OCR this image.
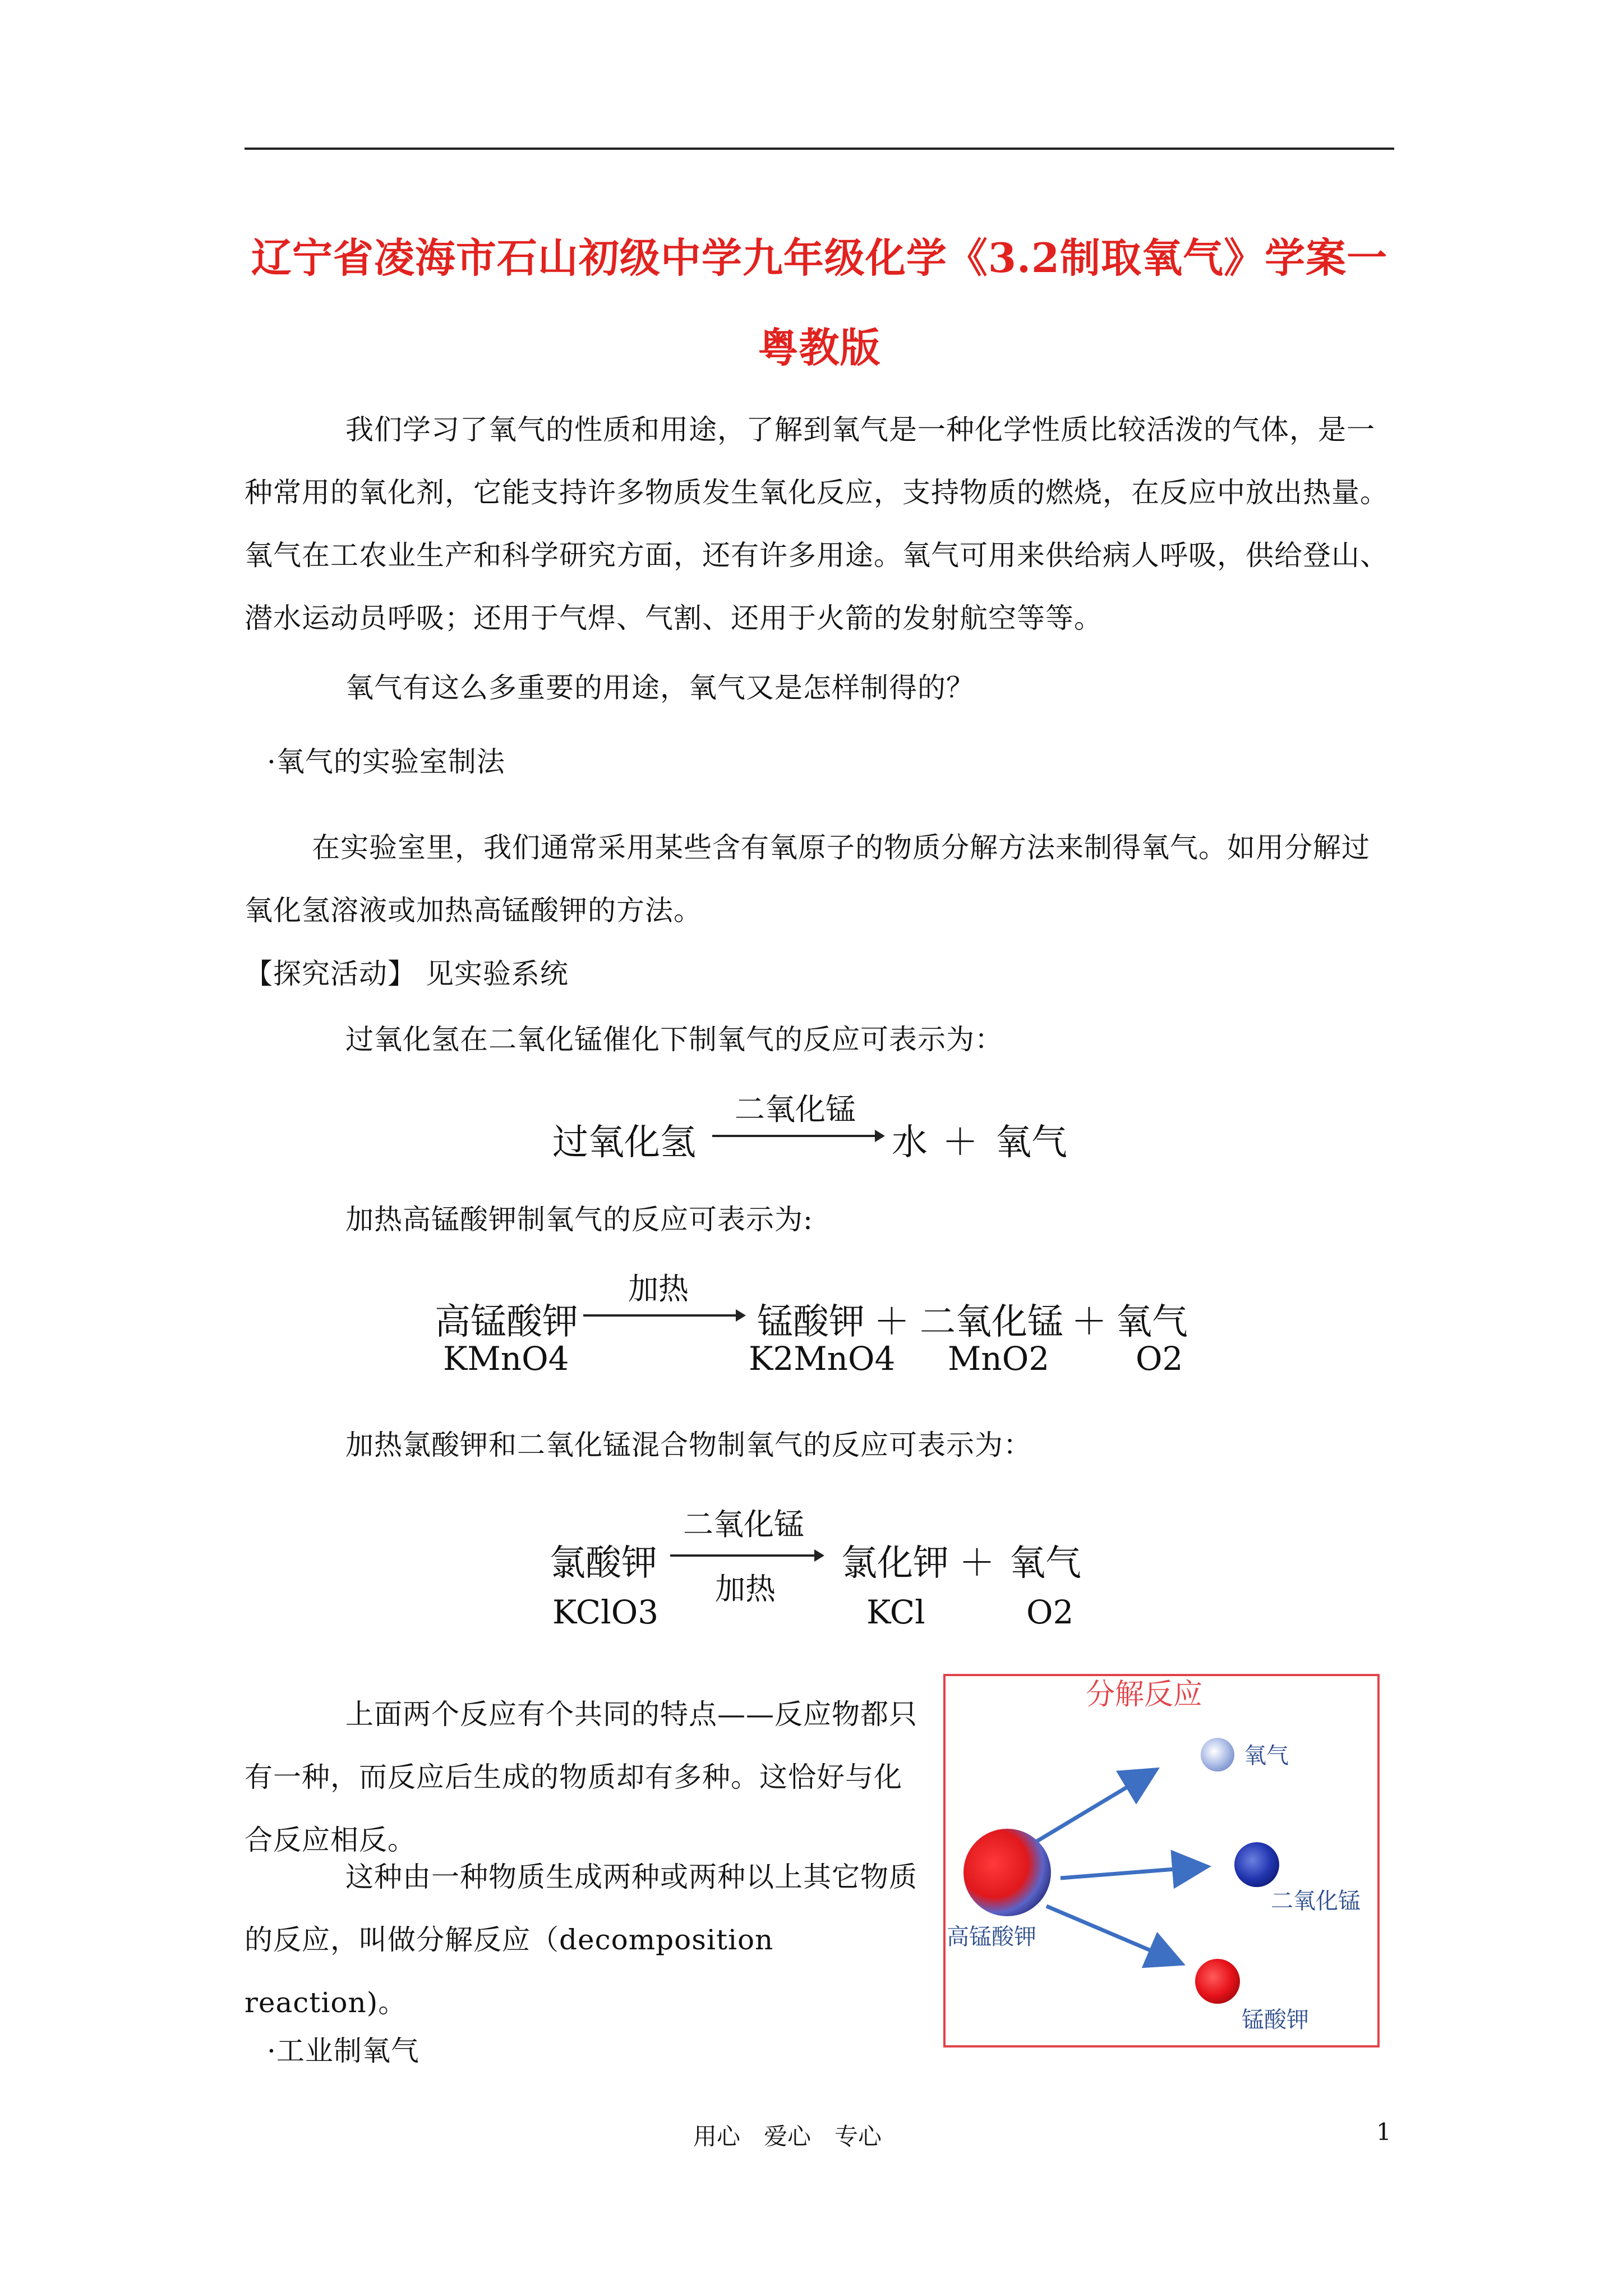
辽宁省凌海市石山初级中学九年级化学《3.2制取氧气》学案一粤教版
我们学习了氧气的性质和用途，了解到氧气是一种化学性质比较活泼的气体，是一种常用的氧化剂，它能支持许多物质发生氧化反应，支持物质的燃烧，在反应中放出热量。氧气在工农业生产和科学研究方面，还有许多用途。氧气可用来供给病人呼吸，供给登山、潜水运动员呼吸；还用于气焊、气割、还用于火箭的发射航空等等。
氧气有这么多重要的用途，氧气又是怎样制得的？
·氧气的实验室制法
在实验室里，我们通常采用某些含有氧原子的物质分解方法来制得氧气。如用分解过氧化氢溶液或加热高锰酸钾的方法。
【探究活动】 见实验系统
过氧化氢在二氧化锰催化下制氧气的反应可表示为：
过氧化氢
二氧化锰
水 ＋ 氧气
加热高锰酸钾制氧气的反应可表示为:
高锰酸钾
加热
锰酸钾 ＋ 二氧化锰 ＋ 氧气
KMnO4	K2MnO4 MnO2	O2
加热氯酸钾和二氧化锰混合物制氧气的反应可表示为：
氯酸钾
二氧化锰
加热
氯化钾 ＋ 氧气
KClO3	KCl	O2
上面两个反应有个共同的特点——反应物都只有一种，而反应后生成的物质却有多种。这恰好与化合反应相反。
这种由一种物质生成两种或两种以上其它物质的反应，叫做分解反应（decomposition reaction)。
·工业制氧气
分解反应
氧气
二氧化锰
高锰酸钾
锰酸钾
用心　爱心　专心	1
